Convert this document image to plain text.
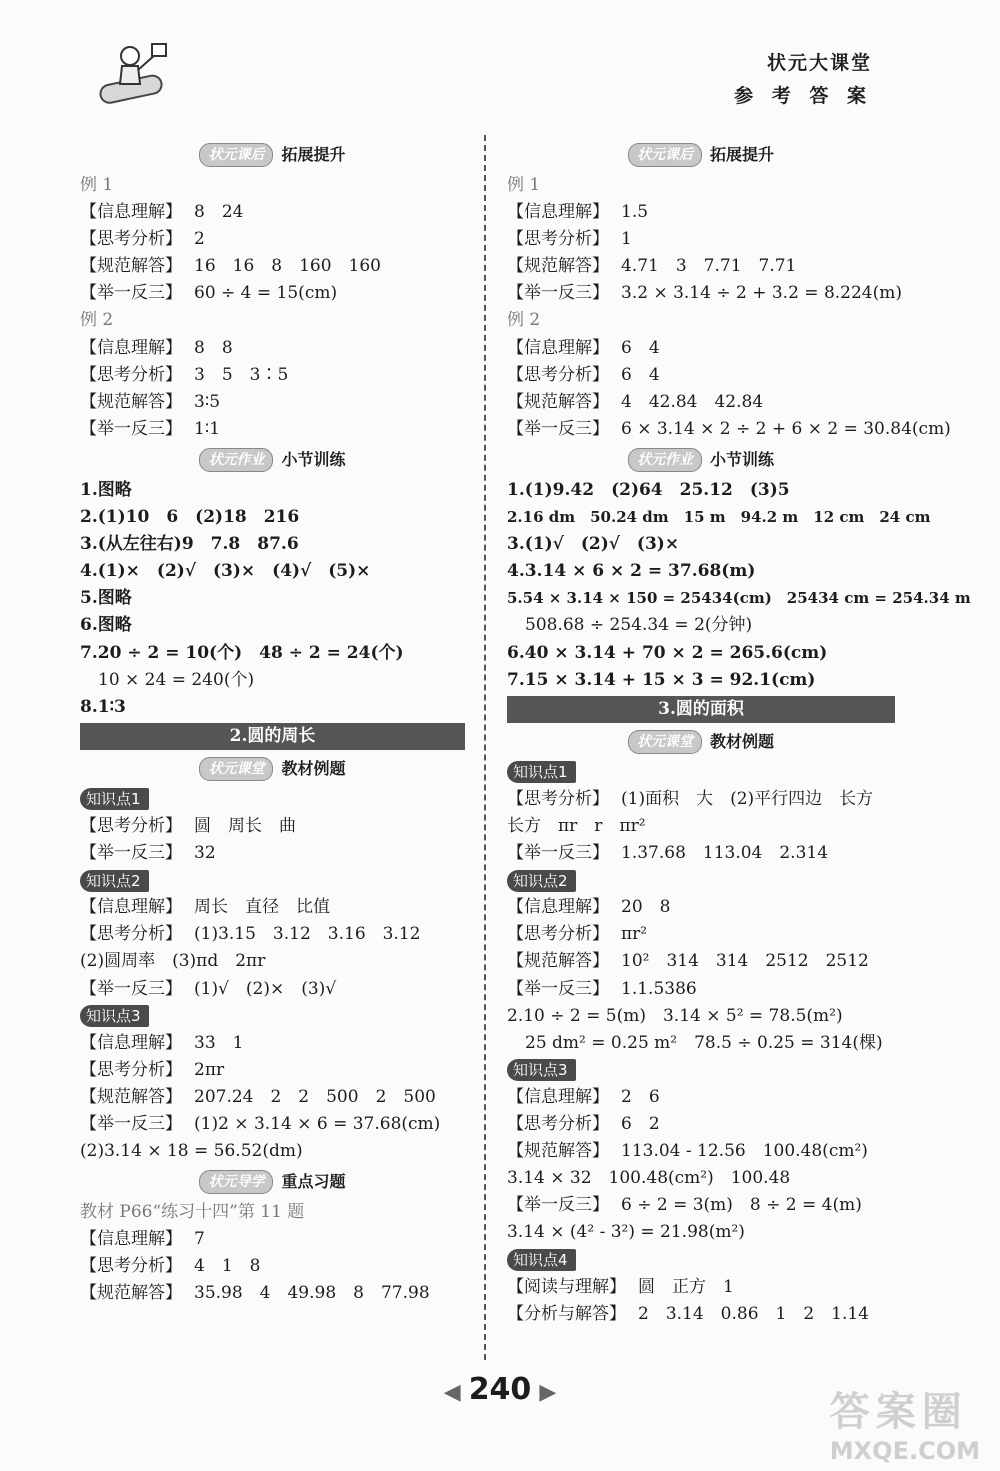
状元大课堂
参 考 答 案
状元课后	拓展提升
例 1
【信息理解】 8　24
【思考分析】 2
【规范解答】 16　16　8　160　160
【举一反三】 60 ÷ 4 = 15(cm)
例 2
【信息理解】 8　8
【思考分析】 3　5　3∶5
【规范解答】 3∶5
【举一反三】 1∶1
状元作业	小节训练
1.图略
2.(1)10　6　(2)18　216
3.(从左往右)9　7.8　87.6
4.(1)×　(2)√　(3)×　(4)√　(5)×
5.图略
6.图略
7.20 ÷ 2 = 10(个)　48 ÷ 2 = 24(个)
10 × 24 = 240(个)
8.1∶3
2.圆的周长
状元课堂	教材例题
知识点1
【思考分析】 圆　周长　曲
【举一反三】 32
知识点2
【信息理解】 周长　直径　比值
【思考分析】 (1)3.15　3.12　3.16　3.12
(2)圆周率　(3)πd　2πr
【举一反三】 (1)√　(2)×　(3)√
知识点3
【信息理解】 33　1
【思考分析】 2πr
【规范解答】 207.24　2　2　500　2　500
【举一反三】 (1)2 × 3.14 × 6 = 37.68(cm)
(2)3.14 × 18 = 56.52(dm)
状元导学	重点习题
教材 P66“练习十四”第 11 题
【信息理解】 7
【思考分析】 4　1　8
【规范解答】 35.98　4　49.98　8　77.98
状元课后	拓展提升
例 1
【信息理解】 1.5
【思考分析】 1
【规范解答】 4.71　3　7.71　7.71
【举一反三】 3.2 × 3.14 ÷ 2 + 3.2 = 8.224(m)
例 2
【信息理解】 6　4
【思考分析】 6　4
【规范解答】 4　42.84　42.84
【举一反三】 6 × 3.14 × 2 ÷ 2 + 6 × 2 = 30.84(cm)
状元作业	小节训练
1.(1)9.42　(2)64　25.12　(3)5
2.16 dm　50.24 dm　15 m　94.2 m　12 cm　24 cm
3.(1)√　(2)√　(3)×
4.3.14 × 6 × 2 = 37.68(m)
5.54 × 3.14 × 150 = 25434(cm)　25434 cm = 254.34 m
508.68 ÷ 254.34 = 2(分钟)
6.40 × 3.14 + 70 × 2 = 265.6(cm)
7.15 × 3.14 + 15 × 3 = 92.1(cm)
3.圆的面积
状元课堂	教材例题
知识点1
【思考分析】 (1)面积　大　(2)平行四边　长方
长方　πr　r　πr²
【举一反三】 1.37.68　113.04　2.314
知识点2
【信息理解】 20　8
【思考分析】 πr²
【规范解答】 10²　314　314　2512　2512
【举一反三】 1.1.5386
2.10 ÷ 2 = 5(m)　3.14 × 5² = 78.5(m²)
25 dm² = 0.25 m²　78.5 ÷ 0.25 = 314(棵)
知识点3
【信息理解】 2　6
【思考分析】 6　2
【规范解答】 113.04 - 12.56　100.48(cm²)
3.14 × 32　100.48(cm²)　100.48
【举一反三】 6 ÷ 2 = 3(m)　8 ÷ 2 = 4(m)
3.14 × (4² - 3²) = 21.98(m²)
知识点4
【阅读与理解】 圆　正方　1
【分析与解答】 2　3.14　0.86　1　2　1.14
◀ 240 ▶	答案圈
MXQE.COM
